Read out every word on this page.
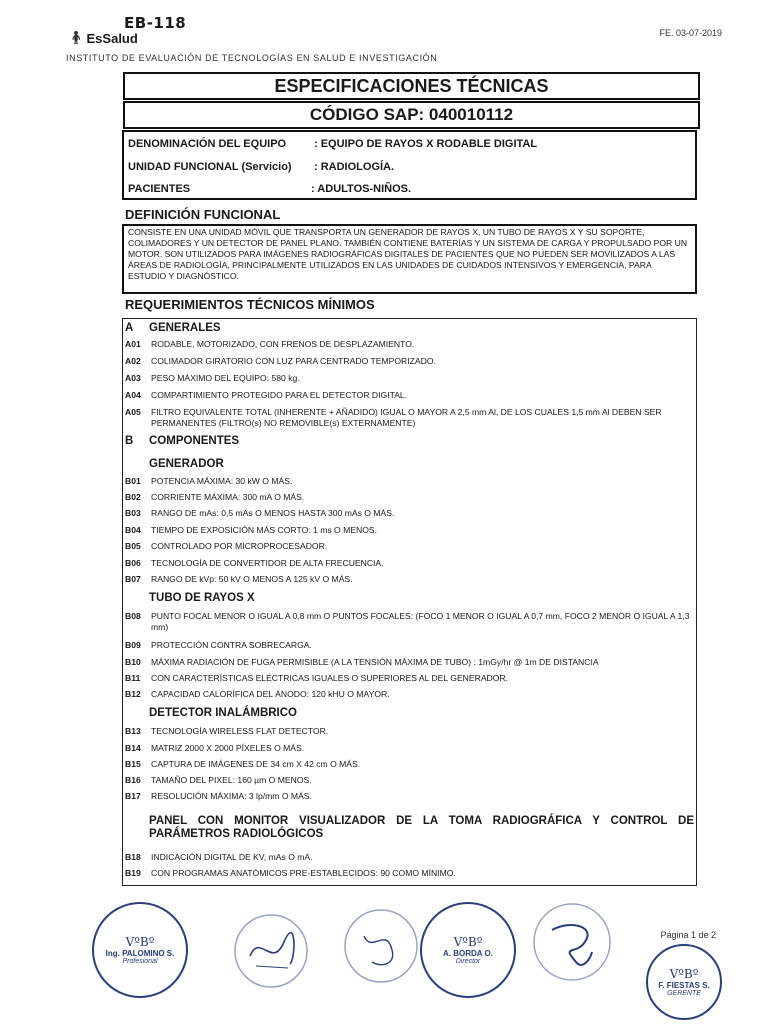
EB-118
🧍︎ EsSalud
INSTITUTO DE EVALUACIÓN DE TECNOLOGÍAS EN SALUD E INVESTIGACIÓN
FE. 03-07-2019
ESPECIFICACIONES TÉCNICAS
CÓDIGO SAP: 040010112
DENOMINACIÓN DEL EQUIPO	: EQUIPO DE RAYOS X RODABLE DIGITAL
UNIDAD FUNCIONAL (Servicio) : RADIOLOGÍA.
PACIENTES	: ADULTOS-NIÑOS.
DEFINICIÓN FUNCIONAL
CONSISTE EN UNA UNIDAD MÓVIL QUE TRANSPORTA UN GENERADOR DE RAYOS X, UN TUBO DE RAYOS X Y SU SOPORTE, COLIMADORES Y UN DETECTOR DE PANEL PLANO. TAMBIÉN CONTIENE BATERÍAS Y UN SISTEMA DE CARGA Y PROPULSADO POR UN MOTOR. SON UTILIZADOS PARA IMÁGENES RADIOGRÁFICAS DIGITALES DE PACIENTES QUE NO PUEDEN SER MOVILIZADOS A LAS ÁREAS DE RADIOLOGÍA, PRINCIPALMENTE UTILIZADOS EN LAS UNIDADES DE CUIDADOS INTENSIVOS Y EMERGENCIA, PARA ESTUDIO Y DIAGNÓSTICO.
REQUERIMIENTOS TÉCNICOS MÍNIMOS
A GENERALES
A01 RODABLE, MOTORIZADO, CON FRENOS DE DESPLAZAMIENTO.
A02 COLIMADOR GIRATORIO CON LUZ PARA CENTRADO TEMPORIZADO.
A03 PESO MÁXIMO DEL EQUIPO: 580 kg.
A04 COMPARTIMIENTO PROTEGIDO PARA EL DETECTOR DIGITAL.
A05 FILTRO EQUIVALENTE TOTAL (INHERENTE + AÑADIDO) IGUAL O MAYOR A 2,5 mm Al, DE LOS CUALES 1,5 mm Al DEBEN SER PERMANENTES (FILTRO(s) NO REMOVIBLE(s) EXTERNAMENTE)
B COMPONENTES
GENERADOR
B01 POTENCIA MÁXIMA: 30 kW O MÁS.
B02 CORRIENTE MÁXIMA: 300 mA O MÁS.
B03 RANGO DE mAs: 0,5 mAs O MENOS HASTA 300 mAs O MÁS.
B04 TIEMPO DE EXPOSICIÓN MÁS CORTO: 1 ms O MENOS.
B05 CONTROLADO POR MICROPROCESADOR.
B06 TECNOLOGÍA DE CONVERTIDOR DE ALTA FRECUENCIA.
B07 RANGO DE kVp: 50 kV O MENOS A 125 kV O MÁS.
TUBO DE RAYOS X
B08 PUNTO FOCAL MENOR O IGUAL A 0,8 mm O PUNTOS FOCALES: (FOCO 1 MENOR O IGUAL A 0,7 mm, FOCO 2 MENOR O IGUAL A 1,3 mm)
B09 PROTECCIÓN CONTRA SOBRECARGA.
B10 MÁXIMA RADIACIÓN DE FUGA PERMISIBLE (A LA TENSIÓN MÁXIMA DE TUBO) : 1mGy/hr @ 1m DE DISTANCIA
B11 CON CARACTERÍSTICAS ELÉCTRICAS IGUALES O SUPERIORES AL DEL GENERADOR.
B12 CAPACIDAD CALORÍFICA DEL ÁNODO: 120 kHU O MAYOR.
DETECTOR INALÁMBRICO
B13 TECNOLOGÍA WIRELESS FLAT DETECTOR.
B14 MATRIZ 2000 X 2000 PÍXELES O MÁS.
B15 CAPTURA DE IMÁGENES DE 34 cm X 42 cm O MÁS.
B16 TAMAÑO DEL PIXEL: 160 µm O MENOS.
B17 RESOLUCIÓN MÁXIMA: 3 lp/mm O MÁS.
PANEL CON MONITOR VISUALIZADOR DE LA TOMA RADIOGRÁFICA Y CONTROL DE PARÁMETROS RADIOLÓGICOS
B18 INDICACIÓN DIGITAL DE KV, mAs O mA.
B19 CON PROGRAMAS ANATÓMICOS PRE-ESTABLECIDOS: 90 COMO MÍNIMO.
VºBº
Ing. PALOMINO S.
Profesional
VºBº
A. BORDA O.
Director
Página 1 de 2
VºBº
F. FIESTAS S.
GERENTE
